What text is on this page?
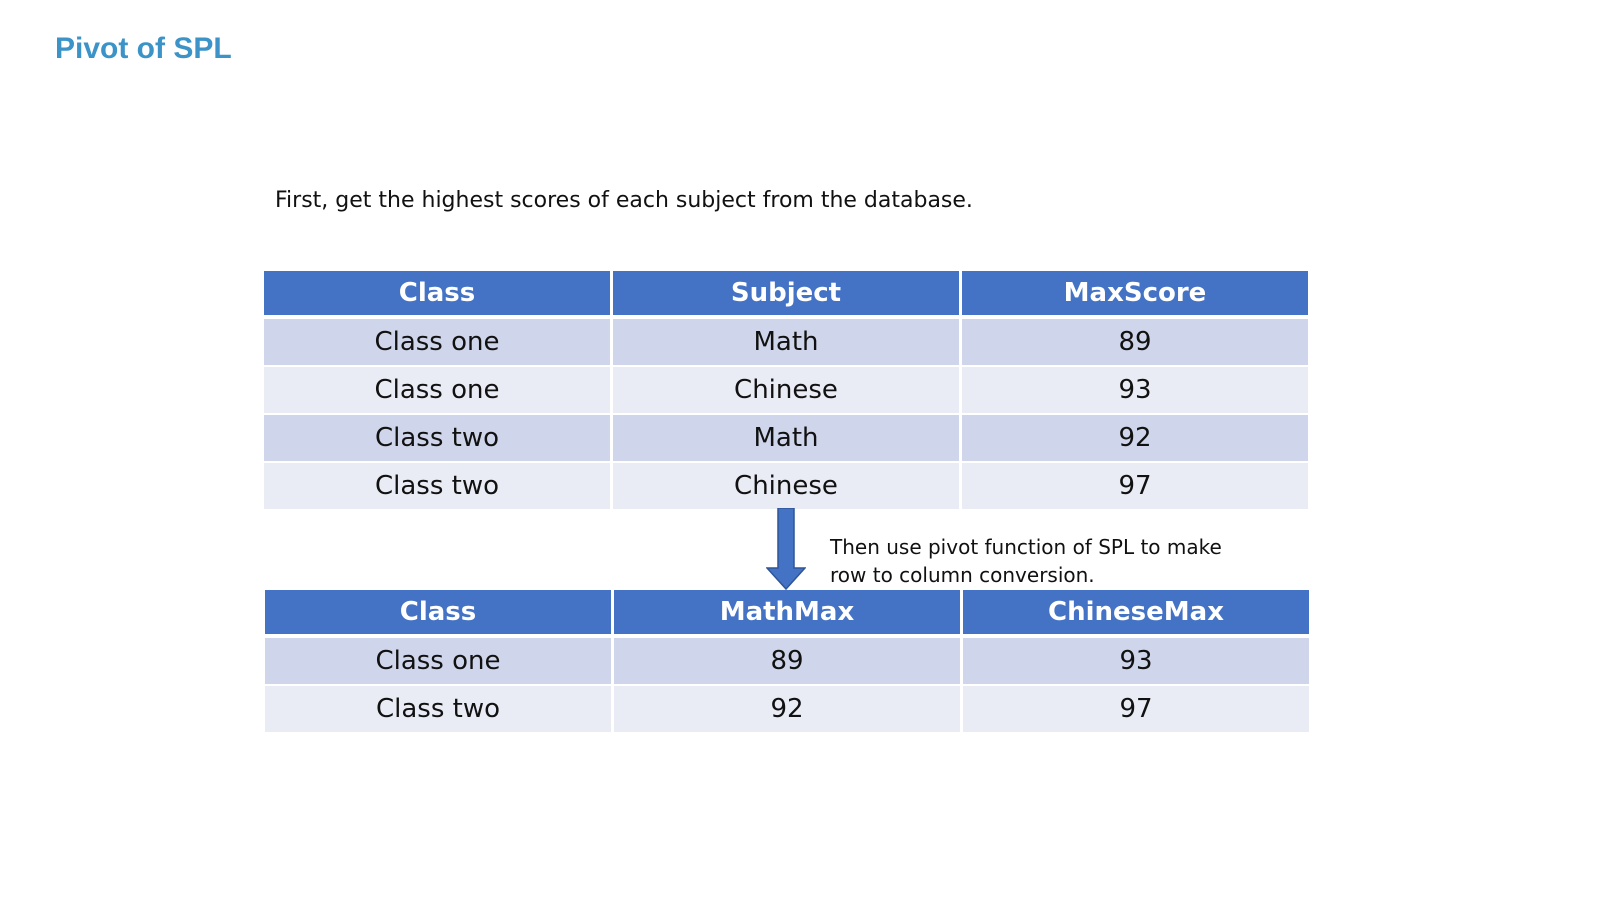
Pivot of SPL

First, get the highest scores of each subject from the database.

Class	Subject	MaxScore
Class one	Math	89
Class one	Chinese	93
Class two	Math	92
Class two	Chinese	97

Then use pivot function of SPL to make
row to column conversion.

Class	MathMax	ChineseMax
Class one	89	93
Class two	92	97
